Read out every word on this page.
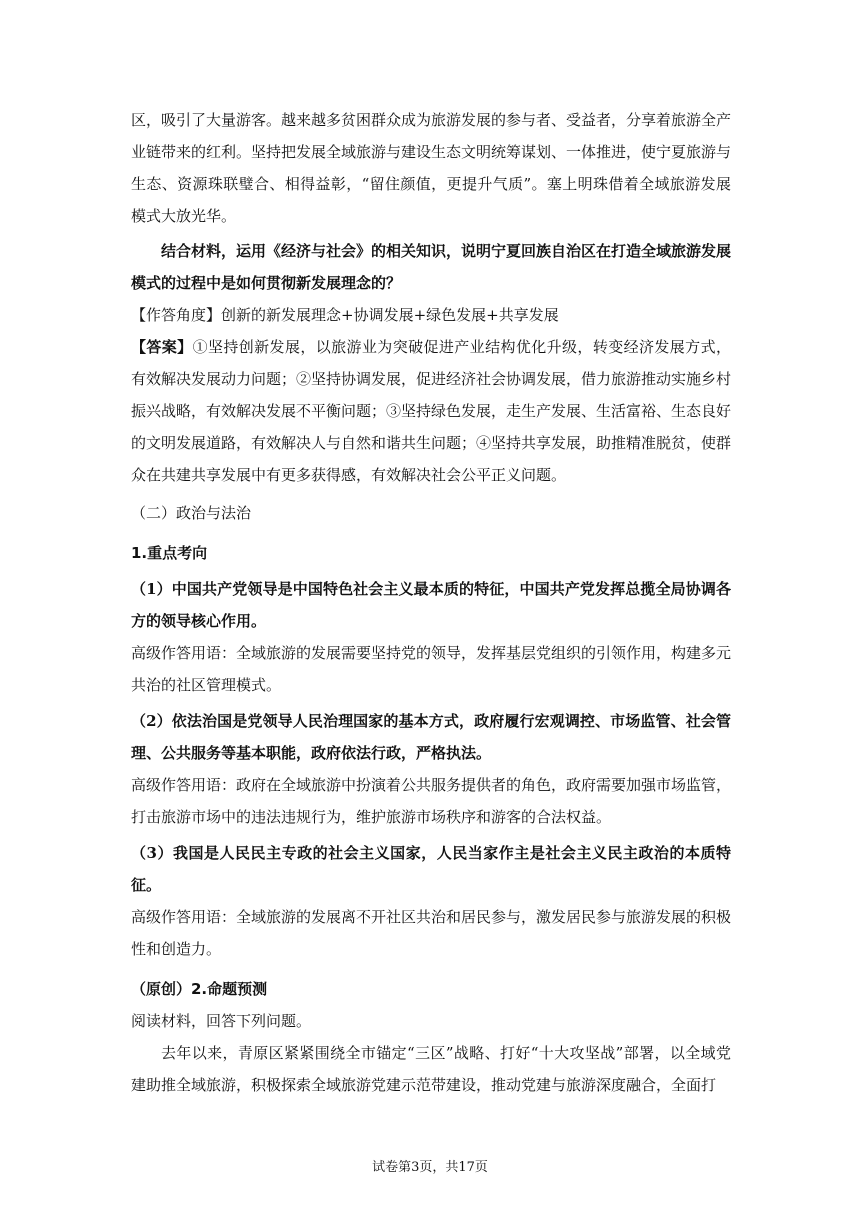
区，吸引了大量游客。越来越多贫困群众成为旅游发展的参与者、受益者，分享着旅游全产业链带来的红利。坚持把发展全域旅游与建设生态文明统筹谋划、一体推进，使宁夏旅游与生态、资源珠联璧合、相得益彰，“留住颜值，更提升气质”。塞上明珠借着全域旅游发展模式大放光华。

结合材料，运用《经济与社会》的相关知识，说明宁夏回族自治区在打造全域旅游发展模式的过程中是如何贯彻新发展理念的？

【作答角度】创新的新发展理念+协调发展+绿色发展+共享发展

【答案】①坚持创新发展，以旅游业为突破促进产业结构优化升级，转变经济发展方式，有效解决发展动力问题；②坚持协调发展，促进经济社会协调发展，借力旅游推动实施乡村振兴战略，有效解决发展不平衡问题；③坚持绿色发展，走生产发展、生活富裕、生态良好的文明发展道路，有效解决人与自然和谐共生问题；④坚持共享发展，助推精准脱贫，使群众在共建共享发展中有更多获得感，有效解决社会公平正义问题。

（二）政治与法治

1.重点考向

（1）中国共产党领导是中国特色社会主义最本质的特征，中国共产党发挥总揽全局协调各方的领导核心作用。

高级作答用语：全域旅游的发展需要坚持党的领导，发挥基层党组织的引领作用，构建多元共治的社区管理模式。

（2）依法治国是党领导人民治理国家的基本方式，政府履行宏观调控、市场监管、社会管理、公共服务等基本职能，政府依法行政，严格执法。

高级作答用语：政府在全域旅游中扮演着公共服务提供者的角色，政府需要加强市场监管，打击旅游市场中的违法违规行为，维护旅游市场秩序和游客的合法权益。

（3）我国是人民民主专政的社会主义国家，人民当家作主是社会主义民主政治的本质特征。

高级作答用语：全域旅游的发展离不开社区共治和居民参与，激发居民参与旅游发展的积极性和创造力。

（原创）2.命题预测

阅读材料，回答下列问题。

去年以来，青原区紧紧围绕全市锚定“三区”战略、打好“十大攻坚战”部署，以全域党建助推全域旅游，积极探索全域旅游党建示范带建设，推动党建与旅游深度融合，全面打

试卷第3页，共17页
